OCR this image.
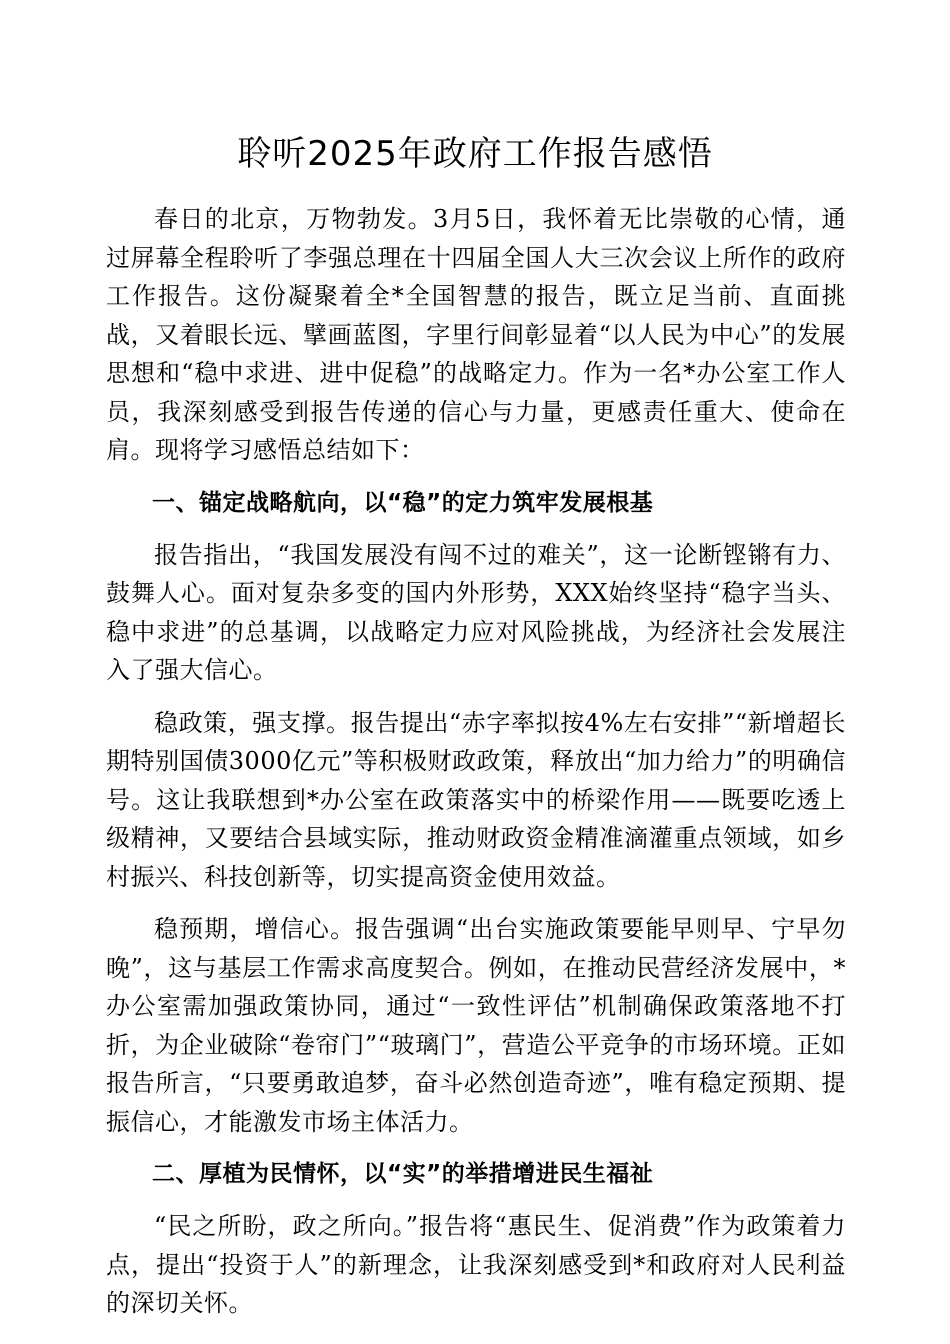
聆听2025年政府工作报告感悟

春日的北京，万物勃发。3月5日，我怀着无比崇敬的心情，通过屏幕全程聆听了李强总理在十四届全国人大三次会议上所作的政府工作报告。这份凝聚着全*全国智慧的报告，既立足当前、直面挑战，又着眼长远、擘画蓝图，字里行间彰显着“以人民为中心”的发展思想和“稳中求进、进中促稳”的战略定力。作为一名*办公室工作人员，我深刻感受到报告传递的信心与力量，更感责任重大、使命在肩。现将学习感悟总结如下：

一、锚定战略航向，以“稳”的定力筑牢发展根基

报告指出，“我国发展没有闯不过的难关”，这一论断铿锵有力、鼓舞人心。面对复杂多变的国内外形势，XXX始终坚持“稳字当头、稳中求进”的总基调，以战略定力应对风险挑战，为经济社会发展注入了强大信心。

稳政策，强支撑。报告提出“赤字率拟按4%左右安排”“新增超长期特别国债3000亿元”等积极财政政策，释放出“加力给力”的明确信号。这让我联想到*办公室在政策落实中的桥梁作用——既要吃透上级精神，又要结合县域实际，推动财政资金精准滴灌重点领域，如乡村振兴、科技创新等，切实提高资金使用效益。

稳预期，增信心。报告强调“出台实施政策要能早则早、宁早勿晚”，这与基层工作需求高度契合。例如，在推动民营经济发展中，*办公室需加强政策协同，通过“一致性评估”机制确保政策落地不打折，为企业破除“卷帘门”“玻璃门”，营造公平竞争的市场环境。正如报告所言，“只要勇敢追梦，奋斗必然创造奇迹”，唯有稳定预期、提振信心，才能激发市场主体活力。

二、厚植为民情怀，以“实”的举措增进民生福祉

“民之所盼，政之所向。”报告将“惠民生、促消费”作为政策着力点，提出“投资于人”的新理念，让我深刻感受到*和政府对人民利益的深切关怀。
